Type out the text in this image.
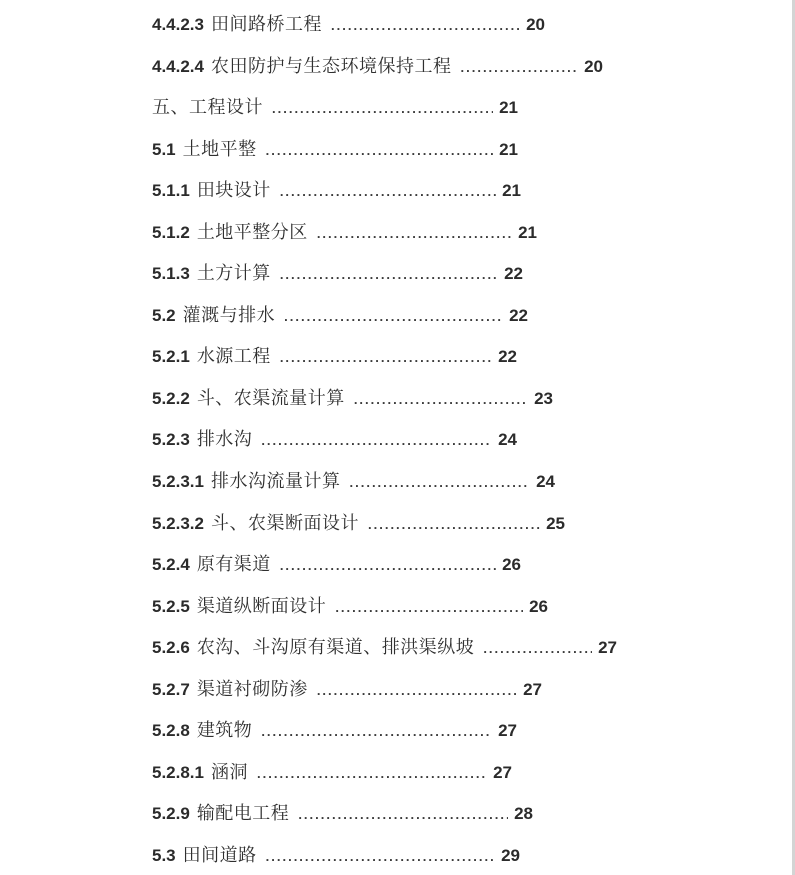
4.4.2.3 田间路桥工程 .....	20
4.4.2.4 农田防护与生态环境保持工程 .....	20
五、工程设计 .....	21
5.1 土地平整 .....	21
5.1.1 田块设计 .....	21
5.1.2 土地平整分区 .....	21
5.1.3 土方计算 .....	22
5.2 灌溉与排水 .....	22
5.2.1 水源工程 .....	22
5.2.2 斗、农渠流量计算 .....	23
5.2.3 排水沟 .....	24
5.2.3.1 排水沟流量计算 .....	24
5.2.3.2 斗、农渠断面设计 .....	25
5.2.4 原有渠道 .....	26
5.2.5 渠道纵断面设计 .....	26
5.2.6 农沟、斗沟原有渠道、排洪渠纵坡 .....	27
5.2.7 渠道衬砌防渗 .....	27
5.2.8 建筑物 .....	27
5.2.8.1 涵洞 .....	27
5.2.9 输配电工程 .....	28
5.3 田间道路 .....	29
